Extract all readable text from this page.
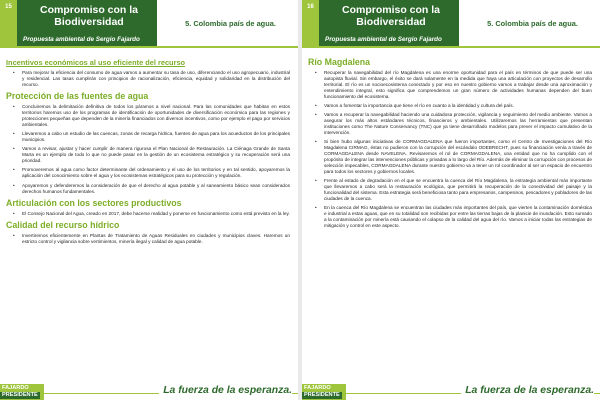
15	Compromiso con la Biodiversidad
Propuesta ambiental de Sergio Fajardo
5. Colombia país de agua.
Incentivos económicos al uso eficiente del recurso
• Para mejorar la eficiencia del consumo de agua vamos a aumentar su tasa de uso, diferenciando el uso agropecuario, industrial y residencial. Las tasas cumplirán con principios de racionalización, eficiencia, equidad y solidaridad en la distribución del recurso.
Protección de las fuentes de agua
• Concluiremos la delimitación definitiva de todos los páramos a nivel nacional. Para las comunidades que habitan en estos territorios haremos uso de los programas de identificación de oportunidades de diversificación económica para las regiones y protecciones pequeñas que dependen de la minería financiados con diversos incentivos, como por ejemplo el pago por servicios ambientales.
• Llevaremos a cabo un estudio de las cuencas, zonas de recarga hídrica, fuentes de agua para los acueductos de los principales municipios.
• Vamos a revisar, ajustar y hacer cumplir de manera rigurosa el Plan Nacional de Restauración. La Ciénaga Grande de Santa Marta es un ejemplo de todo lo que no puede pasar en la gestión de un ecosistema estratégico y su recuperación será una prioridad.
• Promoveremos al agua como factor determinante del ordenamiento y el uso de los territorios y en tal sentido, apoyaremos la aplicación del conocimiento sobre el agua y los ecosistemas estratégicos para su protección y regulación.
• Apoyaremos y defenderemos la consideración de que el derecho al agua potable y al saneamiento básico sean considerados derechos humanos fundamentales.
Articulación con los sectores productivos
• El Consejo Nacional del Agua, creado en 2017, debe hacerse realidad y ponerse en funcionamiento como está previsto en la ley.
Calidad del recurso hídrico
• Invertiremos eficientemente en Plantas de Tratamiento de Aguas Residuales en ciudades y municipios claves. Haremos un estricto control y vigilancia sobre vertimientos, minería ilegal y calidad de agua potable.
FAJARDO
PRESIDENTE	La fuerza de la esperanza.
16	Compromiso con la Biodiversidad
Propuesta ambiental de Sergio Fajardo
5. Colombia país de agua.
Río Magdalena
• Recuperar la navegabilidad del río Magdalena es una enorme oportunidad para el país en términos de que puede ser una autopista fluvial. Sin embargo, el éxito se dará solamente en la medida que haya una articulación con proyectos de desarrollo territorial. El río es un socioecosistema conectado y por eso en nuestro gobierno vamos a trabajar desde una aproximación y entendimiento integral, esto significa que comprendemos un gran número de actividades humanas dependen del buen funcionamiento del ecosistema.
• Vamos a fomentar la importancia que tiene el río en cuanto a la identidad y cultura del país.
• Vamos a recuperar la navegabilidad haciendo una cuidadosa protección, vigilancia y seguimiento del medio ambiente. Vamos a asegurar los más altos estándares técnicos, financieros y ambientales. Utilizaremos las herramientas que presentan instituciones como The Nature Conservancy (TNC) que ya tiene desarrollado modelos para prever el impacto cumulativo de la intervención.
• Si bien hubo algunas iniciativas de CORMAGDALENA que fueron importantes, como el Centro de Investigaciones del Río Magdalena CIRMAG, éstas no pudieron con la corrupción del escándalo ODEBRECHT, pues su financiación venía a través de CORMAGDALENA desde NAVELENA. Revisaremos el rol de CORMAGDALENA, una entidad que no ha cumplido con el propósito de integrar las intervenciones públicas y privadas a lo largo del Río. Además de eliminar la corrupción con procesos de selección impecables, CORMAGDALENA durante nuestro gobierno va a tener un rol coordinador al ser un espacio de encuentro para todos los sectores y gobiernos locales.
• Frente al estado de degradación en el que se encuentra la cuenca del Río Magdalena, la estrategia ambiental más importante que llevaremos a cabo será la restauración ecológica, que permitirá la recuperación de la conectividad del paisaje y la funcionalidad del sistema. Esta estrategia será beneficiosa tanto para empresarios, campesinos, pescadores y pobladores de las ciudades de la cuenca.
• En la cuenca del Río Magdalena se encuentran las ciudades más importantes del país, que vierten la contaminación doméstica e industrial a estas aguas, que en su totalidad son recibidas por entre las tierras bajas de la planicie de inundación. Esto sumado a la contaminación por minería está causando el colapso de la calidad del agua del río. Vamos a iniciar todas las estrategias de mitigación y control en este aspecto.
FAJARDO
PRESIDENTE	La fuerza de la esperanza.
